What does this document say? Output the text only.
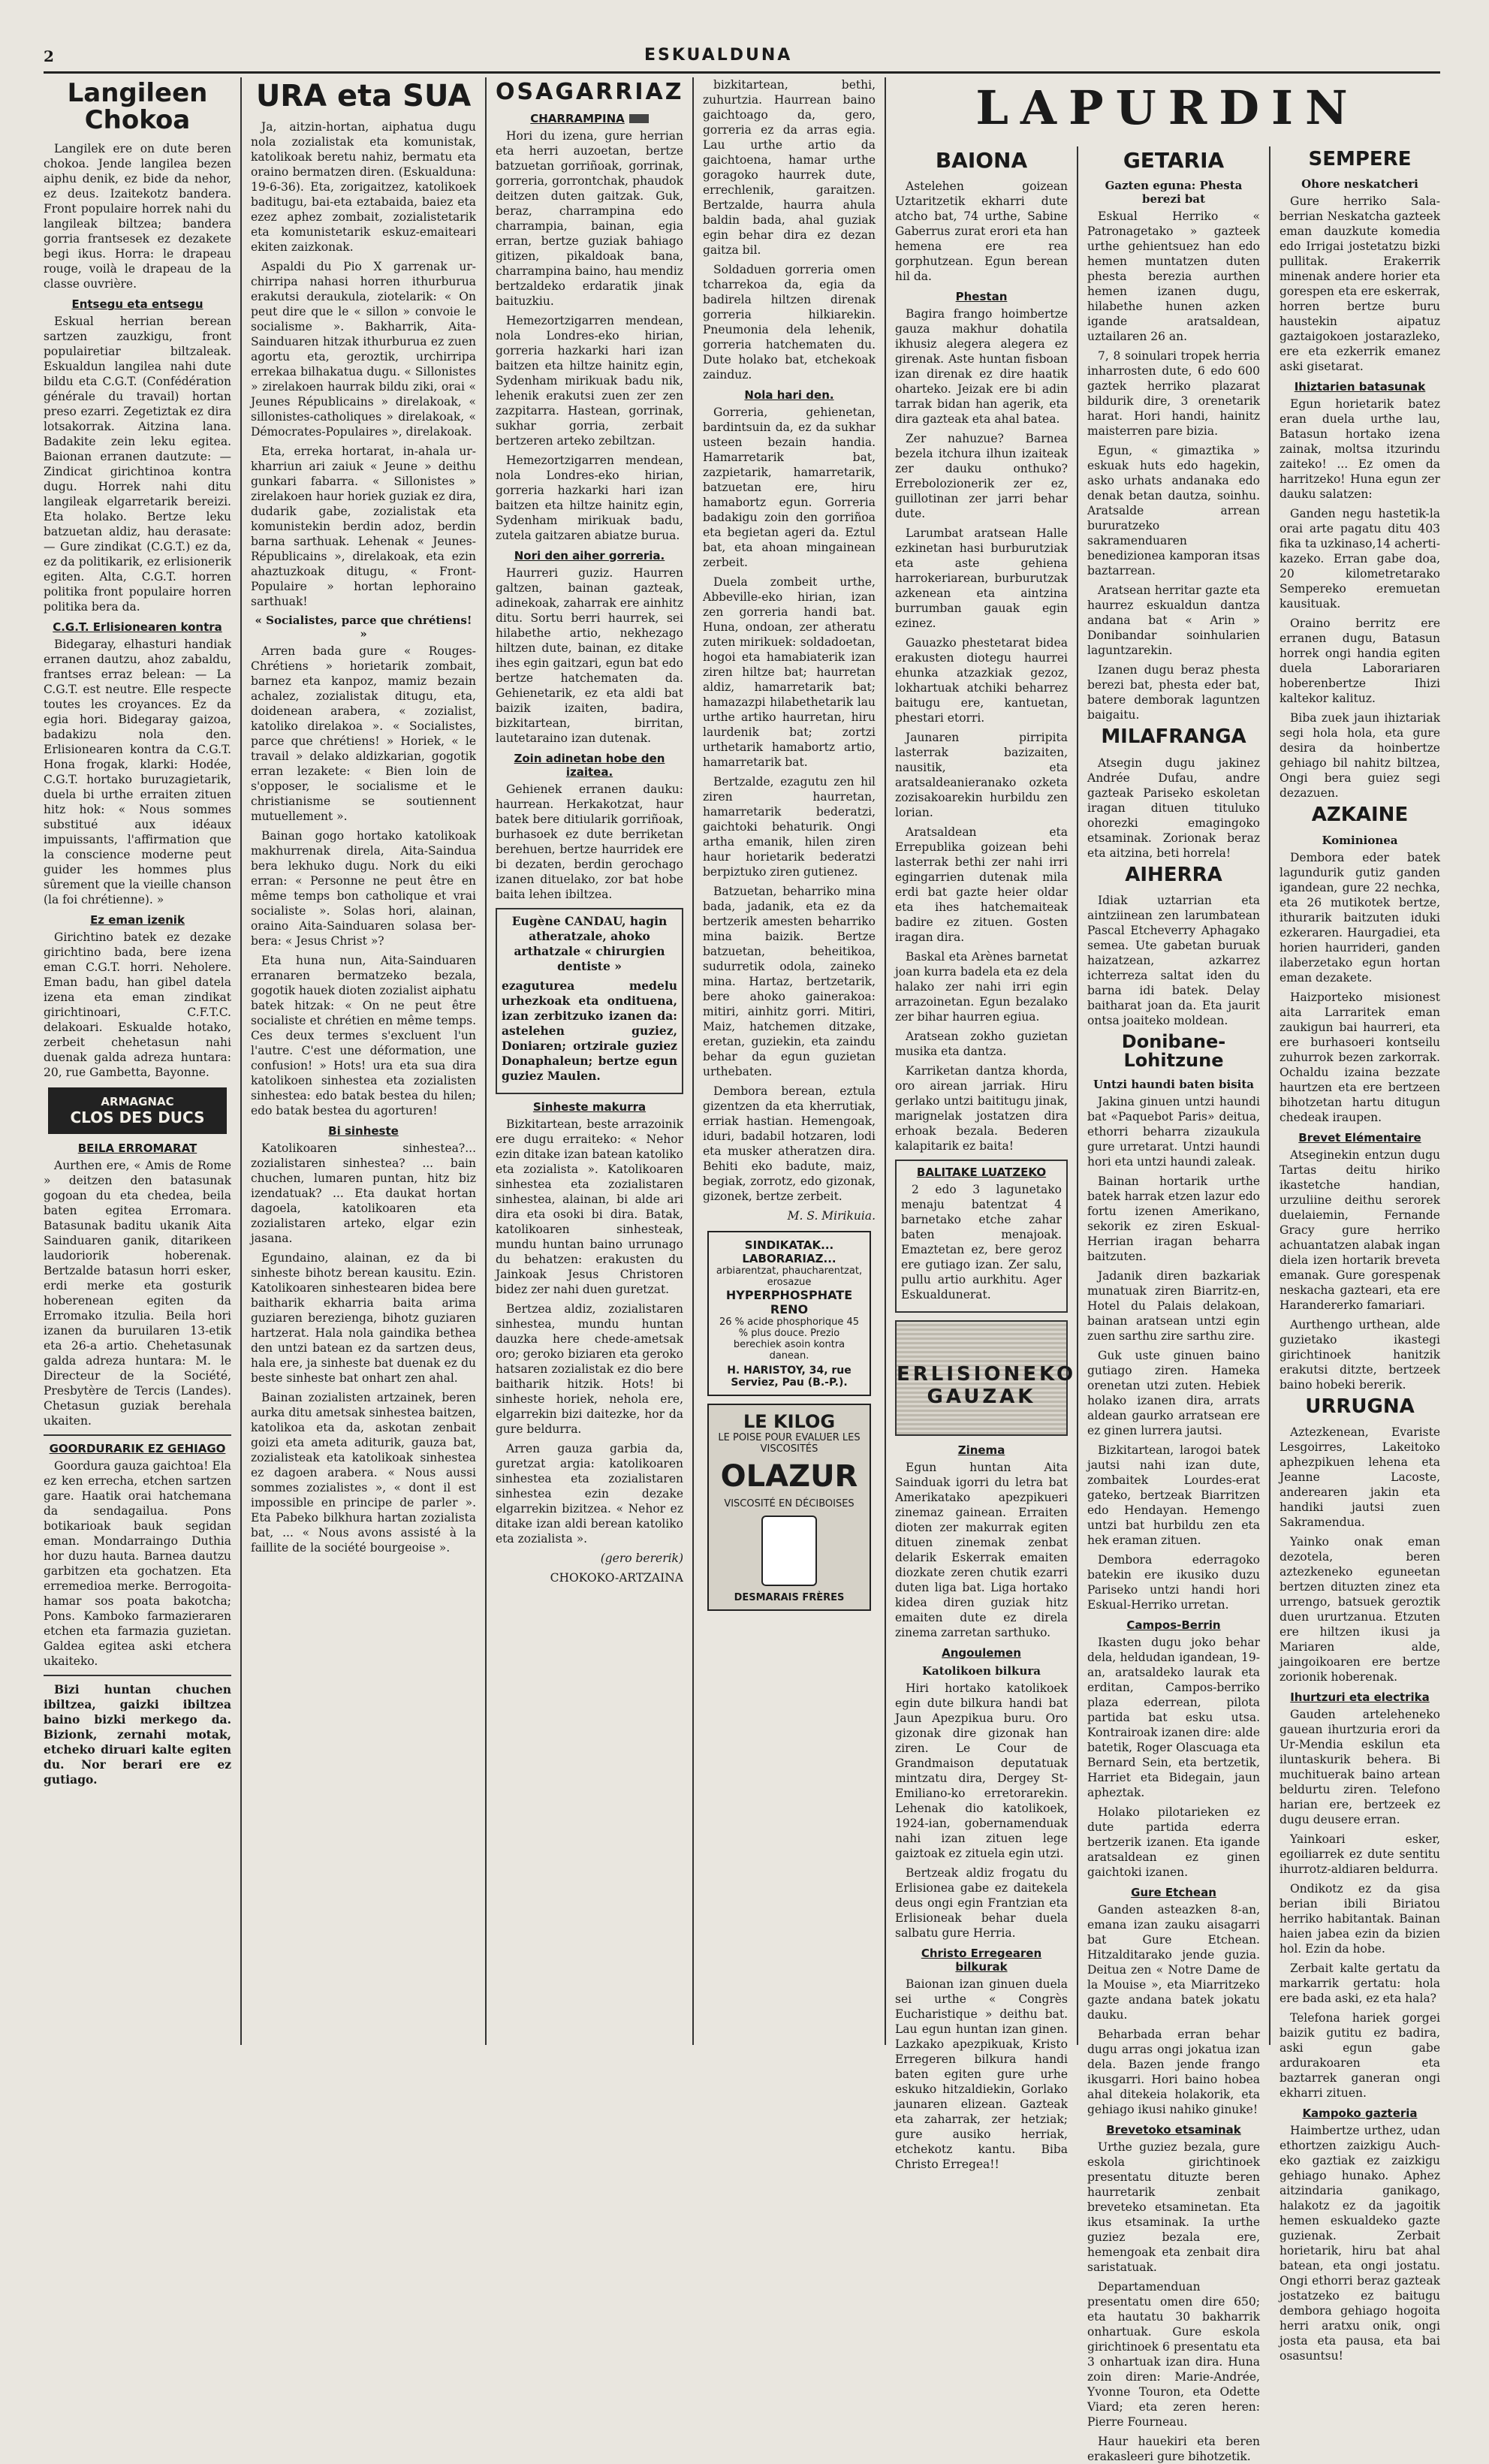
2	ESKUALDUNA
Langileen Chokoa

Langilek ere on dute beren chokoa. Jende langilea bezen aiphu denik, ez bide da nehor, ez deus. Izaitekotz bandera. Front populaire horrek nahi du langileak biltzea; bandera gorria frantsesek ez dezakete begi ikus. Horra: le drapeau rouge, voilà le drapeau de la classe ouvrière.

Entsegu eta entsegu

Eskual herrian berean sartzen zauzkigu, front populairetiar biltzaleak. Eskualdun langilea nahi dute bildu eta C.G.T. (Confédération générale du travail) hortan preso ezarri. Zegetiztak ez dira lotsakorrak. Aitzina lana. Badakite zein leku egitea. Baionan erranen dautzute: — Zindicat girichtinoa kontra dugu. Horrek nahi ditu langileak elgarretarik bereizi. Eta holako. Bertze leku batzuetan aldiz, hau derasate: — Gure zindikat (C.G.T.) ez da, ez da politikarik, ez erlisionerik egiten. Alta, C.G.T. horren politika front populaire horren politika bera da.

C.G.T. Erlisionearen kontra

Bidegaray, elhasturi handiak erranen dautzu, ahoz zabaldu, frantses erraz belean: — La C.G.T. est neutre. Elle respecte toutes les croyances. Ez da egia hori. Bidegaray gaizoa, badakizu nola den. Erlisionearen kontra da C.G.T. Hona frogak, klarki: Hodée, C.G.T. hortako buruzagietarik, duela bi urthe erraiten zituen hitz hok: « Nous sommes substitué aux idéaux impuissants, l'affirmation que la conscience moderne peut guider les hommes plus sûrement que la vieille chanson (la foi chrétienne). »

Ez eman izenik

Girichtino batek ez dezake girichtino bada, bere izena eman C.G.T. horri. Neholere. Eman badu, han gibel datela izena eta eman zindikat girichtinoari, C.F.T.C. delakoari. Eskualde hotako, zerbeit chehetasun nahi duenak galda adreza huntara: 20, rue Gambetta, Bayonne.

ARMAGNAC
CLOS DES DUCS
BEILA ERROMARAT

Aurthen ere, « Amis de Rome » deitzen den batasunak gogoan du eta chedea, beila baten egitea Erromara. Batasunak baditu ukanik Aita Sainduaren ganik, ditarikeen laudoriorik hoberenak. Bertzalde batasun horri esker, erdi merke eta gosturik hoberenean egiten da Erromako itzulia. Beila hori izanen da buruilaren 13-etik eta 26-a artio. Chehetasunak galda adreza huntara: M. le Directeur de la Société, Presbytère de Tercis (Landes). Chetasun guziak berehala ukaiten.

GOORDURARIK EZ GEHIAGO

Goordura gauza gaichtoa! Ela ez ken errecha, etchen sartzen gare. Haatik orai hatchemana da sendagailua. Pons botikarioak bauk segidan eman. Mondarraingo Duthia hor duzu hauta. Barnea dautzu garbitzen eta gochatzen. Eta erremedioa merke. Berrogoita-hamar sos poata bakotcha; Pons. Kamboko farmazieraren etchen eta farmazia guzietan. Galdea egitea aski etchera ukaiteko.

Bizi huntan chuchen ibiltzea, gaizki ibiltzea baino bizki merkego da. Bizionk, zernahi motak, etcheko diruari kalte egiten du. Nor berari ere ez gutiago.

URA eta SUA

Ja, aitzin-hortan, aiphatua dugu nola zozialistak eta komunistak, katolikoak beretu nahiz, bermatu eta oraino bermatzen diren. (Eskualduna: 19-6-36). Eta, zorigaitzez, katolikoek baditugu, bai-eta eztabaida, baiez eta ezez aphez zombait, zozialistetarik eta komunistetarik eskuz-emaiteari ekiten zaizkonak.

Aspaldi du Pio X garrenak ur-chirripa nahasi horren ithurburua erakutsi deraukula, ziotelarik: « On peut dire que le « sillon » convoie le socialisme ». Bakharrik, Aita-Sainduaren hitzak ithurburua ez zuen agortu eta, geroztik, urchirripa errekaa bilhakatua dugu. « Sillonistes » zirelakoen haurrak bildu ziki, orai « Jeunes Républicains » direlakoak, « sillonistes-catholiques » direlakoak, « Démocrates-Populaires », direlakoak.

Eta, erreka hortarat, in-ahala ur-kharriun ari zaiuk « Jeune » deithu gunkari fabarra. « Sillonistes » zirelakoen haur horiek guziak ez dira, dudarik gabe, zozialistak eta komunistekin berdin adoz, berdin barna sarthuak. Lehenak « Jeunes-Républicains », direlakoak, eta ezin ahaztuzkoak ditugu, « Front-Populaire » hortan lephoraino sarthuak!

« Socialistes, parce que chrétiens! »

Arren bada gure « Rouges-Chrétiens » horietarik zombait, barnez eta kanpoz, mamiz bezain achalez, zozialistak ditugu, eta, doidenean arabera, « zozialist, katoliko direlakoa ». « Socialistes, parce que chrétiens! » Horiek, « le travail » delako aldizkarian, gogotik erran lezakete: « Bien loin de s'opposer, le socialisme et le christianisme se soutiennent mutuellement ».

Bainan gogo hortako katolikoak makhurrenak direla, Aita-Saindua bera lekhuko dugu. Nork du eiki erran: « Personne ne peut être en même temps bon catholique et vrai socialiste ». Solas hori, alainan, oraino Aita-Sainduaren solasa ber-bera: « Jesus Christ »?

Eta huna nun, Aita-Sainduaren erranaren bermatzeko bezala, gogotik hauek dioten zozialist aiphatu batek hitzak: « On ne peut être socialiste et chrétien en même temps. Ces deux termes s'excluent l'un l'autre. C'est une déformation, une confusion! » Hots! ura eta sua dira katolikoen sinhestea eta zozialisten sinhestea: edo batak bestea du hilen; edo batak bestea du agorturen!

Bi sinheste

Katolikoaren sinhestea?... zozialistaren sinhestea? ... bain chuchen, lumaren puntan, hitz biz izendatuak? ... Eta daukat hortan dagoela, katolikoaren eta zozialistaren arteko, elgar ezin jasana.

Egundaino, alainan, ez da bi sinheste bihotz berean kausitu. Ezin. Katolikoaren sinhestearen bidea bere baitharik ekharria baita arima guziaren berezienga, bihotz guziaren hartzerat. Hala nola gaindika bethea den untzi batean ez da sartzen deus, hala ere, ja sinheste bat duenak ez du beste sinheste bat onhart zen ahal.

Bainan zozialisten artzainek, beren aurka ditu ametsak sinhestea baitzen, katolikoa eta da, askotan zenbait goizi eta ameta aditurik, gauza bat, zozialisteak eta katolikoak sinhestea ez dagoen arabera. « Nous aussi sommes zozialistes », « dont il est impossible en principe de parler ». Eta Pabeko bilkhura hartan zozialista bat, ... « Nous avons assisté à la faillite de la société bourgeoise ».

OSAGARRIAZ
CHARRAMPINA

Hori du izena, gure herrian eta herri auzoetan, bertze batzuetan gorriñoak, gorrinak, gorreria, gorrontchak, phaudok deitzen duten gaitzak. Guk, beraz, charrampina edo charrampia, bainan, egia erran, bertze guziak bahiago gitizen, pikaldoak bana, charrampina baino, hau mendiz bertzaldeko erdaratik jinak baituzkiu.

Hemezortzigarren mendean, nola Londres-eko hirian, gorreria hazkarki hari izan baitzen eta hiltze hainitz egin, Sydenham mirikuak badu nik, lehenik erakutsi zuen zer zen zazpitarra. Hastean, gorrinak, sukhar gorria, zerbait bertzeren arteko zebiltzan.

Hemezortzigarren mendean, nola Londres-eko hirian, gorreria hazkarki hari izan baitzen eta hiltze hainitz egin, Sydenham mirikuak badu, zutela gaitzaren abiatze burua.

Nori den aiher gorreria.

Haurreri guziz. Haurren galtzen, bainan gazteak, adinekoak, zaharrak ere ainhitz ditu. Sortu berri haurrek, sei hilabethe artio, nekhezago hiltzen dute, bainan, ez ditake ihes egin gaitzari, egun bat edo bertze hatchematen da. Gehienetarik, ez eta aldi bat baizik izaiten, badira, bizkitartean, birritan, lautetaraino izan dutenak.

Zoin adinetan hobe den izaitea.

Gehienek erranen dauku: haurrean. Herkakotzat, haur batek bere ditiularik gorriñoak, burhasoek ez dute berriketan berehuen, bertze haurridek ere bi dezaten, berdin gerochago izanen dituelako, zor bat hobe baita lehen ibiltzea.

Eugène CANDAU, hagin atheratzale, ahoko arthatzale « chirurgien dentiste »

ezaguturea medelu urhezkoak eta ondituena, izan zerbitzuko izanen da: astelehen guziez, Doniaren; ortzirale guziez Donaphaleun; bertze egun guziez Maulen.

Sinheste makurra

Bizkitartean, beste arrazoinik ere dugu erraiteko: « Nehor ezin ditake izan batean katoliko eta zozialista ». Katolikoaren sinhestea eta zozialistaren sinhestea, alainan, bi alde ari dira eta osoki bi dira. Batak, katolikoaren sinhesteak, mundu huntan baino urrunago du behatzen: erakusten du Jainkoak Jesus Christoren bidez zer nahi duen guretzat.

Bertzea aldiz, zozialistaren sinhestea, mundu huntan dauzka here chede-ametsak oro; geroko biziaren eta geroko hatsaren zozialistak ez dio bere baitharik hitzik. Hots! bi sinheste horiek, nehola ere, elgarrekin bizi daitezke, hor da gure beldurra.

Arren gauza garbia da, guretzat argia: katolikoaren sinhestea eta zozialistaren sinhestea ezin dezake elgarrekin bizitzea. « Nehor ez ditake izan aldi berean katoliko eta zozialista ».

(gero bererik)

CHOKOKO-ARTZAINA

bizkitartean, bethi, zuhurtzia. Haurrean baino gaichtoago da, gero, gorreria ez da arras egia. Lau urthe artio da gaichtoena, hamar urthe goragoko haurrek dute, errechlenik, garaitzen. Bertzalde, haurra ahula baldin bada, ahal guziak egin behar dira ez dezan gaitza bil.

Soldaduen gorreria omen tcharrekoa da, egia da badirela hiltzen direnak gorreria hilkiarekin. Pneumonia dela lehenik, gorreria hatchematen du. Dute holako bat, etchekoak zainduz.

Nola hari den.

Gorreria, gehienetan, bardintsuin da, ez da sukhar usteen bezain handia. Hamarretarik bat, zazpietarik, hamarretarik, batzuetan ere, hiru hamabortz egun. Gorreria badakigu zoin den gorriñoa eta begietan ageri da. Eztul bat, eta ahoan mingainean zerbeit.

Duela zombeit urthe, Abbeville-eko hirian, izan zen gorreria handi bat. Huna, ondoan, zer atheratu zuten mirikuek: soldadoetan, hogoi eta hamabiaterik izan ziren hiltze bat; haurretan aldiz, hamarretarik bat; hamazazpi hilabethetarik lau urthe artiko haurretan, hiru laurdenik bat; zortzi urthetarik hamabortz artio, hamarretarik bat.

Bertzalde, ezagutu zen hil ziren haurretan, hamarretarik bederatzi, gaichtoki behaturik. Ongi artha emanik, hilen ziren haur horietarik bederatzi berpiztuko ziren gutienez.

Batzuetan, beharriko mina bada, jadanik, eta ez da bertzerik amesten beharriko mina baizik. Bertze batzuetan, beheitikoa, sudurretik odola, zaineko mina. Hartaz, bertzetarik, bere ahoko gainerakoa: mitiri, ainhitz gorri. Mitiri, Maiz, hatchemen ditzake, eretan, guziekin, eta zaindu behar da egun guzietan urthebaten.

Dembora berean, eztula gizentzen da eta kherrutiak, erriak hastian. Hemengoak, iduri, badabil hotzaren, lodi eta musker atheratzen dira. Behiti eko badute, maiz, begiak, zorrotz, edo gizonak, gizonek, bertze zerbeit.

M. S. Mirikuia.

SINDIKATAK... LABORARIAZ...
arbiarentzat, phaucharentzat, erosazue
HYPERPHOSPHATE RENO
26 % acide phosphorique 45 % plus douce. Prezio berechiek asoin kontra danean.
H. HARISTOY, 34, rue Serviez, Pau (B.-P.).
LE KILOG
LE POISE POUR EVALUER LES VISCOSITÉS
OLAZUR
VISCOSITÉ EN DÉCIBOISES
DESMARAIS FRÈRES
LAPURDIN
BAIONA

Astelehen goizean Uztaritzetik ekharri dute atcho bat, 74 urthe, Sabine Gaberrus zurat erori eta han hemena ere rea gorphutzean. Egun berean hil da.

Phestan

Bagira frango hoimbertze gauza makhur dohatila ikhusiz alegera alegera ez girenak. Aste huntan fisboan izan direnak ez dire haatik oharteko. Jeizak ere bi adin tarrak bidan han agerik, eta dira gazteak eta ahal batea.

Zer nahuzue? Barnea bezela itchura ilhun izaiteak zer dauku onthuko? Errebolozionerik zer ez, guillotinan zer jarri behar dute.

Larumbat aratsean Halle ezkinetan hasi burburutziak eta aste gehiena harrokeriarean, burburutzak azkenean eta aintzina burrumban gauak egin ezinez.

Gauazko phestetarat bidea erakusten diotegu haurrei ehunka atzazkiak gezoz, lokhartuak atchiki beharrez baitugu ere, kantuetan, phestari etorri.

Jaunaren pirripita lasterrak bazizaiten, nausitik, eta aratsaldeanieranako ozketa zozisakoarekin hurbildu zen lorian.

Aratsaldean eta Errepublika goizean behi lasterrak bethi zer nahi irri egingarrien dutenak mila erdi bat gazte heier oldar eta ihes hatchemaiteak badire ez zituen. Gosten iragan dira.

Baskal eta Arènes barnetat joan kurra badela eta ez dela halako zer nahi irri egin arrazoinetan. Egun bezalako zer bihar haurren egiua.

Aratsean zokho guzietan musika eta dantza.

Karriketan dantza khorda, oro airean jarriak. Hiru gerlako untzi baititugu jinak, marignelak jostatzen dira erhoak bezala. Bederen kalapitarik ez baita!

BALITAKE LUATZEKO

2 edo 3 lagunetako menaju batentzat 4 barnetako etche zahar baten menajoak. Emaztetan ez, bere geroz ere gutiago izan. Zer salu, pullu artio aurkhitu. Ager Eskualdunerat.

ERLISIONEKO GAUZAK
Zinema

Egun huntan Aita Sainduak igorri du letra bat Amerikatako apezpikueri zinemaz gainean. Erraiten dioten zer makurrak egiten dituen zinemak zenbat delarik Eskerrak emaiten diozkate zeren chutik ezarri duten liga bat. Liga hortako kidea diren guziak hitz emaiten dute ez direla zinema zarretan sarthuko.

Angoulemen
Katolikoen bilkura

Hiri hortako katolikoek egin dute bilkura handi bat Jaun Apezpikua buru. Oro gizonak dire gizonak han ziren. Le Cour de Grandmaison deputatuak mintzatu dira, Dergey St-Emiliano-ko erretorarekin. Lehenak dio katolikoek, 1924-ian, gobernamenduak nahi izan zituen lege gaiztoak ez zituela egin utzi.

Bertzeak aldiz frogatu du Erlisionea gabe ez daitekela deus ongi egin Frantzian eta Erlisioneak behar duela salbatu gure Herria.

Christo Erregearen bilkurak

Baionan izan ginuen duela sei urthe « Congrès Eucharistique » deithu bat. Lau egun huntan izan ginen. Lazkako apezpikuak, Kristo Erregeren bilkura handi baten egiten gure urhe eskuko hitzaldiekin, Gorlako jaunaren elizean. Gazteak eta zaharrak, zer hetziak; gure ausiko herriak, etchekotz kantu. Biba Christo Erregea!!

GETARIA
Gazten eguna: Phesta berezi bat

Eskual Herriko « Patronagetako » gazteek urthe gehientsuez han edo hemen muntatzen duten phesta berezia aurthen hemen izanen dugu, hilabethe hunen azken igande aratsaldean, uztailaren 26 an.

7, 8 soinulari tropek herria inharrosten dute, 6 edo 600 gaztek herriko plazarat bildurik dire, 3 orenetarik harat. Hori handi, hainitz maisterren pare bizia.

Egun, « gimaztika » eskuak huts edo hagekin, asko urhats andanaka edo denak betan dautza, soinhu. Aratsalde arrean bururatzeko sakramenduaren benedizionea kamporan itsas baztarrean.

Aratsean herritar gazte eta haurrez eskualdun dantza andana bat « Arin » Donibandar soinhularien laguntzarekin.

Izanen dugu beraz phesta berezi bat, phesta eder bat, batere demborak laguntzen baigaitu.

MILAFRANGA

Atsegin dugu jakinez Andrée Dufau, andre gazteak Pariseko eskoletan iragan dituen tituluko ohorezki emagingoko etsaminak. Zorionak beraz eta aitzina, beti horrela!

AIHERRA

Idiak uztarrian eta aintziinean zen larumbatean Pascal Etcheverry Aphagako semea. Ute gabetan buruak haizatzean, azkarrez ichterreza saltat iden du barna idi batek. Delay baitharat joan da. Eta jaurit ontsa joaiteko moldean.

Donibane-Lohitzune
Untzi haundi baten bisita

Jakina ginuen untzi haundi bat «Paquebot Paris» deitua, ethorri beharra zizaukula gure urretarat. Untzi haundi hori eta untzi haundi zaleak.

Bainan hortarik urthe batek harrak etzen lazur edo fortu izenen Amerikano, sekorik ez ziren Eskual-Herrian iragan beharra baitzuten.

Jadanik diren bazkariak munatuak ziren Biarritz-en, Hotel du Palais delakoan, bainan aratsean untzi egin zuen sarthu zire sarthu zire.

Guk uste ginuen baino gutiago ziren. Hameka orenetan utzi zuten. Hebiek holako izanen dira, arrats aldean gaurko arratsean ere ez ginen lurrera jautsi.

Bizkitartean, larogoi batek jautsi nahi izan dute, zombaitek Lourdes-erat gateko, bertzeak Biarritzen edo Hendayan. Hemengo untzi bat hurbildu zen eta hek eraman zituen.

Dembora ederragoko batekin ere ikusiko duzu Pariseko untzi handi hori Eskual-Herriko urretan.

Campos-Berrin

Ikasten dugu joko behar dela, heldudan igandean, 19-an, aratsaldeko laurak eta erditan, Campos-berriko plaza ederrean, pilota partida bat esku utsa. Kontrairoak izanen dire: alde batetik, Roger Olascuaga eta Bernard Sein, eta bertzetik, Harriet eta Bidegain, jaun apheztak.

Holako pilotarieken ez dute partida ederra bertzerik izanen. Eta igande aratsaldean ez ginen gaichtoki izanen.

Gure Etchean

Ganden asteazken 8-an, emana izan zauku aisagarri bat Gure Etchean. Hitzalditarako jende guzia. Deitua zen « Notre Dame de la Mouise », eta Miarritzeko gazte andana batek jokatu dauku.

Beharbada erran behar dugu arras ongi jokatua izan dela. Bazen jende frango ikusgarri. Hori baino hobea ahal ditekeia holakorik, eta gehiago ikusi nahiko ginuke!

Brevetoko etsaminak

Urthe guziez bezala, gure eskola girichtinoek presentatu dituzte beren haurretarik zenbait breveteko etsaminetan. Eta ikus etsaminak. Ia urthe guziez bezala ere, hemengoak eta zenbait dira saristatuak.

Departamenduan presentatu omen dire 650; eta hautatu 30 bakharrik onhartuak. Gure eskola girichtinoek 6 presentatu eta 3 onhartuak izan dira. Huna zoin diren: Marie-Andrée, Yvonne Touron, eta Odette Viard; eta zeren heren: Pierre Fourneau.

Haur hauekiri eta beren erakasleeri gure bihotzetik.

SEMPERE
Ohore neskatcheri

Gure herriko Sala-berrian Neskatcha gazteek eman dauzkute komedia edo Irrigai jostetatzu bizki pullitak. Erakerrik minenak andere horier eta gorespen eta ere eskerrak, horren bertze buru haustekin aipatuz gaztaigokoen jostarazleko, ere eta ezkerrik emanez aski gisetarat.

Ihiztarien batasunak

Egun horietarik batez eran duela urthe lau, Batasun hortako izena zainak, moltsa itzurindu zaiteko! ... Ez omen da harritzeko! Huna egun zer dauku salatzen:

Ganden negu hastetik-la orai arte pagatu ditu 403 fika ta uzkinaso,14 acherti-kazeko. Erran gabe doa, 20 kilometretarako Sempereko eremuetan kausituak.

Oraino berritz ere erranen dugu, Batasun horrek ongi handia egiten duela Laborariaren hoberenbertze Ihizi kaltekor kalituz.

Biba zuek jaun ihiztariak segi hola hola, eta gure desira da hoinbertze gehiago bil nahitz biltzea, Ongi bera guiez segi dezazuen.

AZKAINE
Kominionea

Dembora eder batek lagundurik gutiz ganden igandean, gure 22 nechka, eta 26 mutikotek bertze, ithurarik baitzuten iduki ezkeraren. Haurgadiei, eta horien haurrideri, ganden ilaberzetako egun hortan eman dezakete.

Haizporteko misionest aita Larraritek eman zaukigun bai haurreri, eta ere burhasoeri kontseilu zuhurrok bezen zarkorrak. Ochaldu izaina bezzate haurtzen eta ere bertzeen bihotzetan hartu ditugun chedeak iraupen.

Brevet Elémentaire

Atseginekin entzun dugu Tartas deitu hiriko ikastetche handian, urzuliine deithu serorek duelaiemin, Fernande Gracy gure herriko achuantatzen alabak ingan diela izen hortarik breveta emanak. Gure gorespenak neskacha gazteari, eta ere Harandererko famariari.

Aurthengo urthean, alde guzietako ikastegi girichtinoek hanitzik erakutsi ditzte, bertzeek baino hobeki bererik.

URRUGNA

Aztezkenean, Evariste Lesgoirres, Lakeitoko aphezpikuen lehena eta Jeanne Lacoste, anderearen jakin eta handiki jautsi zuen Sakramendua.

Yainko onak eman dezotela, beren aztezkeneko eguneetan bertzen dituzten zinez eta urrengo, batsuek geroztik duen ururtzanua. Etzuten ere hiltzen ikusi ja Mariaren alde, jaingoikoaren ere bertze zorionik hoberenak.

Ihurtzuri eta electrika

Gauden arteleheneko gauean ihurtzuria erori da Ur-Mendia eskilun eta iluntaskurik behera. Bi muchituerak baino artean beldurtu ziren. Telefono harian ere, bertzeek ez dugu deusere erran.

Yainkoari esker, egoiliarrek ez dute sentitu ihurrotz-aldiaren beldurra.

Ondikotz ez da gisa berian ibili Biriatou herriko habitantak. Bainan haien jabea ezin da bizien hol. Ezin da hobe.

Zerbait kalte gertatu da markarrik gertatu: hola ere bada aski, ez eta hala?

Telefona hariek gorgei baizik gutitu ez badira, aski egun gabe ardurakoaren eta baztarrek ganeran ongi ekharri zituen.

Kampoko gazteria

Haimbertze urthez, udan ethortzen zaizkigu Auch-eko gaztiak ez zaizkigu gehiago hunako. Aphez aitzindaria ganikago, halakotz ez da jagoitik hemen eskualdeko gazte guzienak. Zerbait horietarik, hiru bat ahal batean, eta ongi jostatu. Ongi ethorri beraz gazteak jostatzeko ez baitugu dembora gehiago hogoita herri aratxu onik, ongi josta eta pausa, eta bai osasuntsu!
